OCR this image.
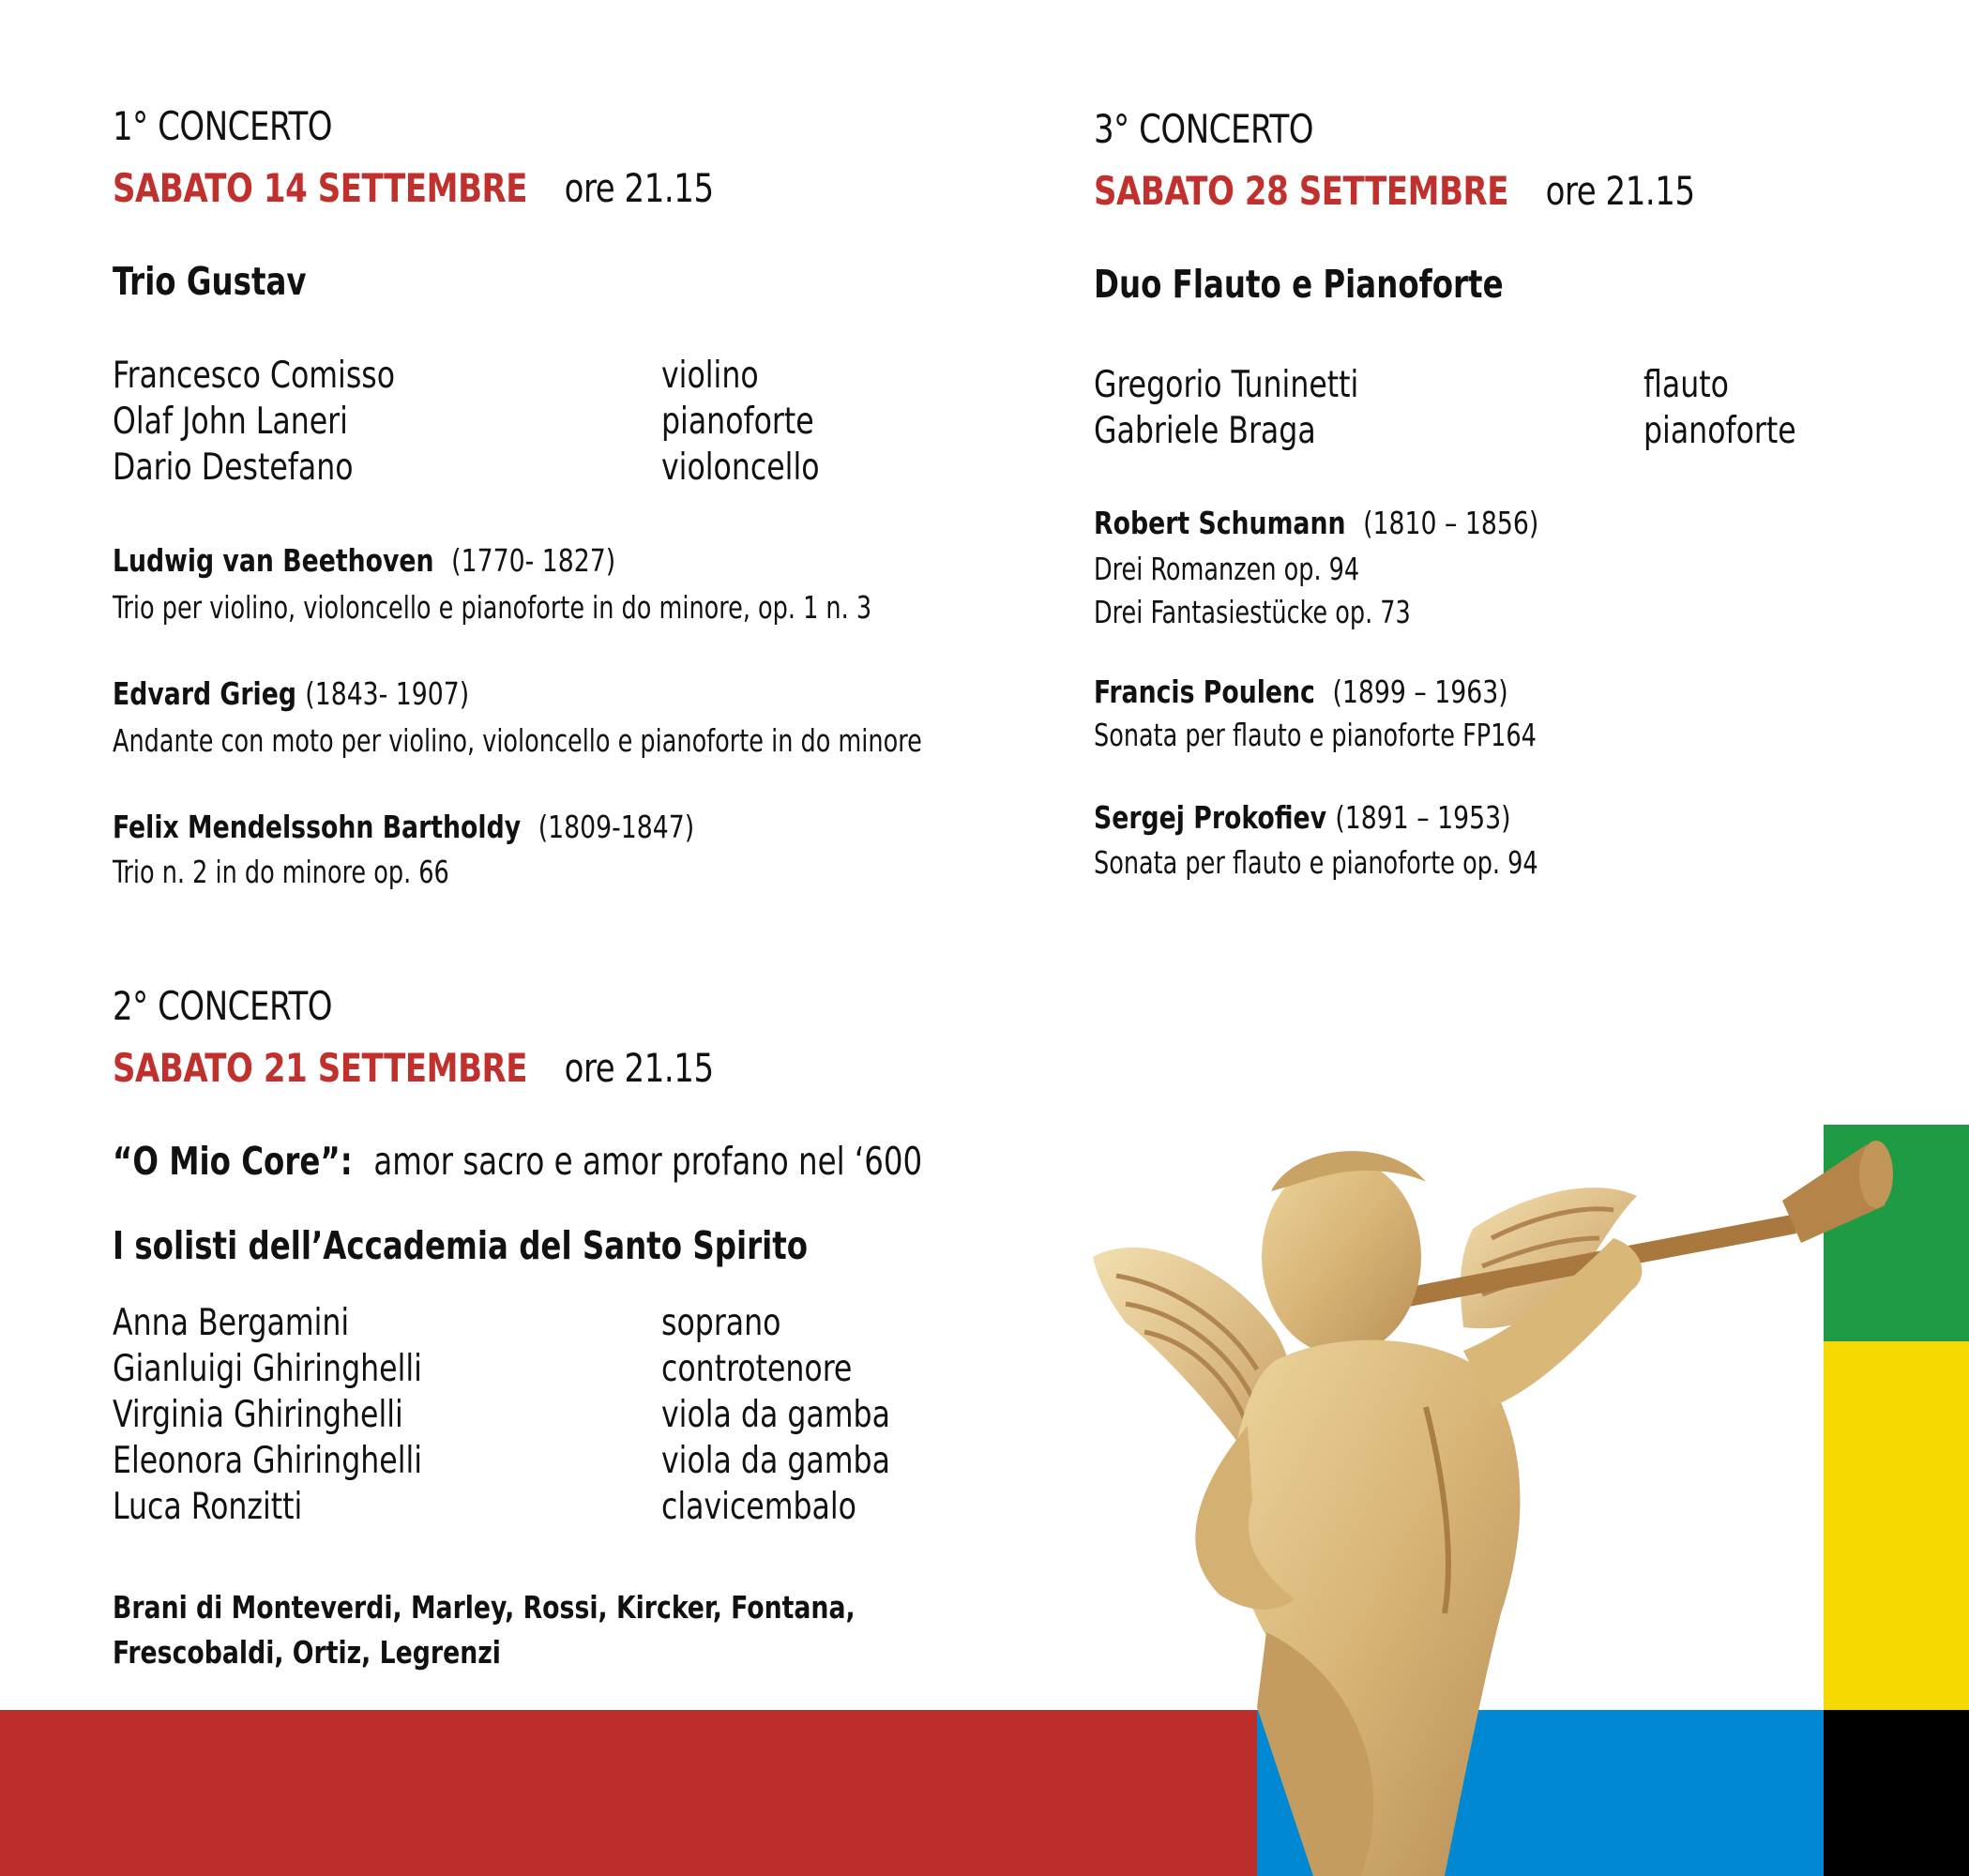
1° CONCERTO
SABATO 14 SETTEMBRE ore 21.15
Trio Gustav
Francesco Comisso
Olaf John Laneri
Dario Destefano
violino
pianoforte
violoncello
Ludwig van Beethoven (1770- 1827)
Trio per violino, violoncello e pianoforte in do minore, op. 1 n. 3
Edvard Grieg (1843- 1907)
Andante con moto per violino, violoncello e pianoforte in do minore
Felix Mendelssohn Bartholdy (1809-1847)
Trio n. 2 in do minore op. 66
2° CONCERTO
SABATO 21 SETTEMBRE ore 21.15
“O Mio Core”: amor sacro e amor profano nel ‘600
I solisti dell’Accademia del Santo Spirito
Anna Bergamini
Gianluigi Ghiringhelli
Virginia Ghiringhelli
Eleonora Ghiringhelli
Luca Ronzitti
soprano
controtenore
viola da gamba
viola da gamba
clavicembalo
Brani di Monteverdi, Marley, Rossi, Kircker, Fontana,
Frescobaldi, Ortiz, Legrenzi
3° CONCERTO
SABATO 28 SETTEMBRE ore 21.15
Duo Flauto e Pianoforte
Gregorio Tuninetti
Gabriele Braga
flauto
pianoforte
Robert Schumann (1810 – 1856)
Drei Romanzen op. 94
Drei Fantasiestücke op. 73
Francis Poulenc (1899 – 1963)
Sonata per flauto e pianoforte FP164
Sergej Prokofiev (1891 – 1953)
Sonata per flauto e pianoforte op. 94
